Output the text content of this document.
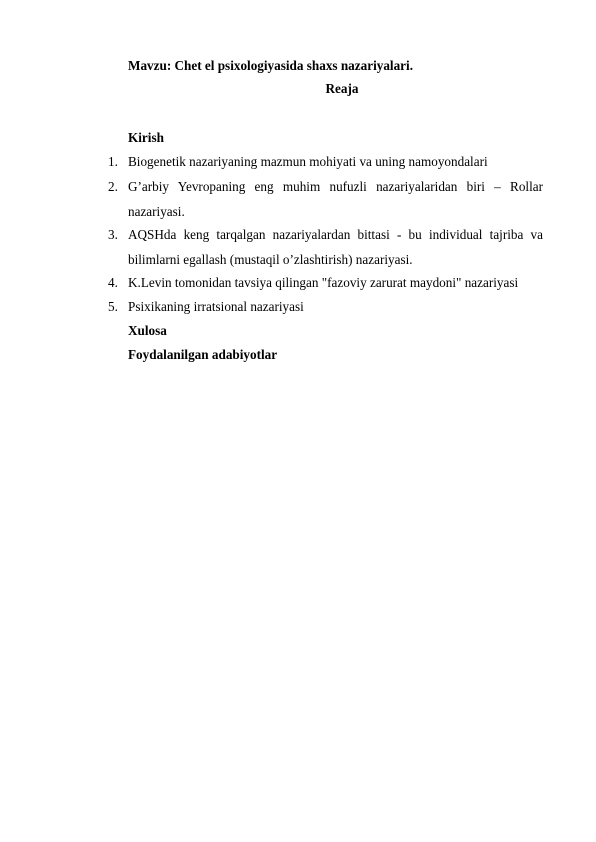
Mavzu: Chet el psixologiyasida shaxs nazariyalari.
Reaja
Kirish
1. Biogenetik nazariyaning mazmun mohiyati va uning namoyondalari
2. G’arbiy Yevropaning eng muhim nufuzli nazariyalaridan biri – Rollar nazariyasi.
3. AQSHda keng tarqalgan nazariyalardan bittasi - bu individual tajriba va bilimlarni egallash (mustaqil o’zlashtirish) nazariyasi.
4. K.Levin tomonidan tavsiya qilingan "fazoviy zarurat maydoni" nazariyasi
5. Psixikaning irratsional nazariyasi
Xulosa
Foydalanilgan adabiyotlar
